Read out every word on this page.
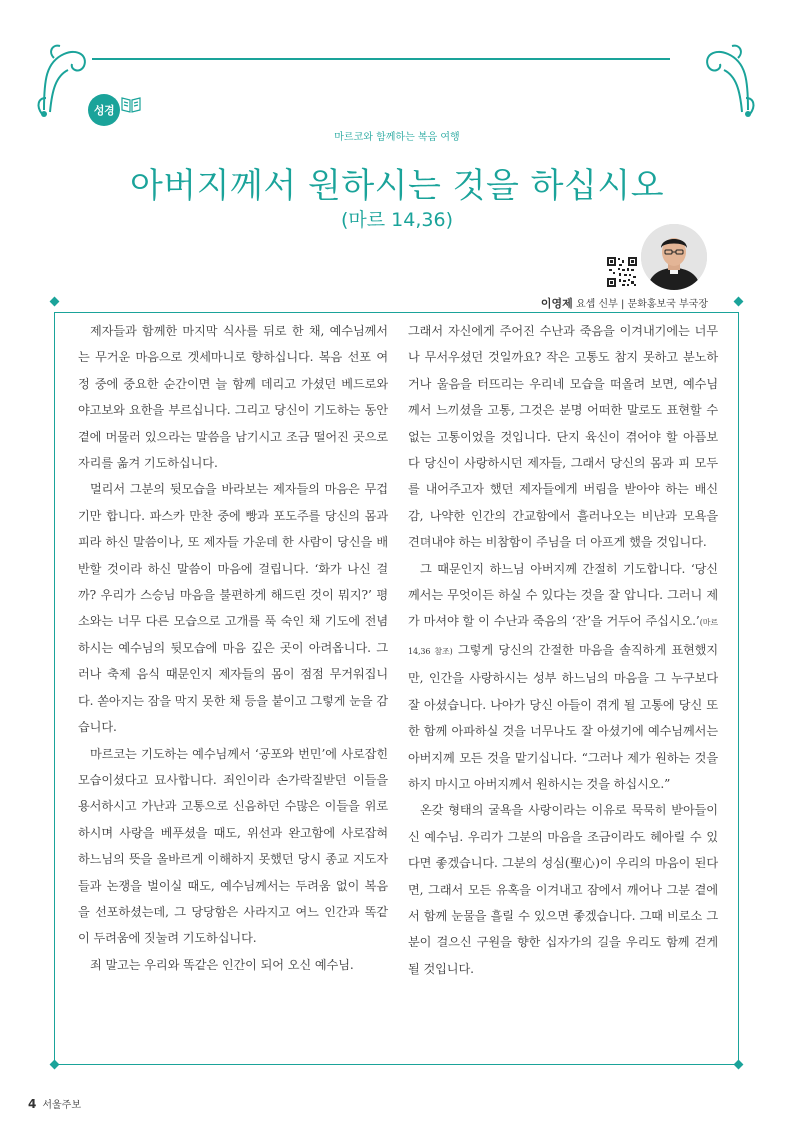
성경
마르코와 함께하는 복음 여행
아버지께서 원하시는 것을 하십시오
(마르 14,36)
이영제 요셉 신부 | 문화홍보국 부국장

제자들과 함께한 마지막 식사를 뒤로 한 채, 예수님께서는 무거운 마음으로 겟세마니로 향하십니다. 복음 선포 여정 중에 중요한 순간이면 늘 함께 데리고 가셨던 베드로와 야고보와 요한을 부르십니다. 그리고 당신이 기도하는 동안 곁에 머물러 있으라는 말씀을 남기시고 조금 떨어진 곳으로 자리를 옮겨 기도하십니다.

멀리서 그분의 뒷모습을 바라보는 제자들의 마음은 무겁기만 합니다. 파스카 만찬 중에 빵과 포도주를 당신의 몸과 피라 하신 말씀이나, 또 제자들 가운데 한 사람이 당신을 배반할 것이라 하신 말씀이 마음에 걸립니다. ‘화가 나신 걸까? 우리가 스승님 마음을 불편하게 해드린 것이 뭐지?’ 평소와는 너무 다른 모습으로 고개를 푹 숙인 채 기도에 전념하시는 예수님의 뒷모습에 마음 깊은 곳이 아려옵니다. 그러나 축제 음식 때문인지 제자들의 몸이 점점 무거워집니다. 쏟아지는 잠을 막지 못한 채 등을 붙이고 그렇게 눈을 감습니다.

마르코는 기도하는 예수님께서 ‘공포와 번민’에 사로잡힌 모습이셨다고 묘사합니다. 죄인이라 손가락질받던 이들을 용서하시고 가난과 고통으로 신음하던 수많은 이들을 위로하시며 사랑을 베푸셨을 때도, 위선과 완고함에 사로잡혀 하느님의 뜻을 올바르게 이해하지 못했던 당시 종교 지도자들과 논쟁을 벌이실 때도, 예수님께서는 두려움 없이 복음을 선포하셨는데, 그 당당함은 사라지고 여느 인간과 똑같이 두려움에 짓눌려 기도하십니다.

죄 말고는 우리와 똑같은 인간이 되어 오신 예수님.

그래서 자신에게 주어진 수난과 죽음을 이겨내기에는 너무나 무서우셨던 것일까요? 작은 고통도 참지 못하고 분노하거나 울음을 터뜨리는 우리네 모습을 떠올려 보면, 예수님께서 느끼셨을 고통, 그것은 분명 어떠한 말로도 표현할 수 없는 고통이었을 것입니다. 단지 육신이 겪어야 할 아픔보다 당신이 사랑하시던 제자들, 그래서 당신의 몸과 피 모두를 내어주고자 했던 제자들에게 버림을 받아야 하는 배신감, 나약한 인간의 간교함에서 흘러나오는 비난과 모욕을 견뎌내야 하는 비참함이 주님을 더 아프게 했을 것입니다.

그 때문인지 하느님 아버지께 간절히 기도합니다. ‘당신께서는 무엇이든 하실 수 있다는 것을 잘 압니다. 그러니 제가 마셔야 할 이 수난과 죽음의 ‘잔’을 거두어 주십시오.’(마르 14,36 참조) 그렇게 당신의 간절한 마음을 솔직하게 표현했지만, 인간을 사랑하시는 성부 하느님의 마음을 그 누구보다 잘 아셨습니다. 나아가 당신 아들이 겪게 될 고통에 당신 또한 함께 아파하실 것을 너무나도 잘 아셨기에 예수님께서는 아버지께 모든 것을 맡기십니다. “그러나 제가 원하는 것을 하지 마시고 아버지께서 원하시는 것을 하십시오.”

온갖 형태의 굴욕을 사랑이라는 이유로 묵묵히 받아들이신 예수님. 우리가 그분의 마음을 조금이라도 헤아릴 수 있다면 좋겠습니다. 그분의 성심(聖心)이 우리의 마음이 된다면, 그래서 모든 유혹을 이겨내고 잠에서 깨어나 그분 곁에서 함께 눈물을 흘릴 수 있으면 좋겠습니다. 그때 비로소 그분이 걸으신 구원을 향한 십자가의 길을 우리도 함께 걷게 될 것입니다.

4 서울주보
